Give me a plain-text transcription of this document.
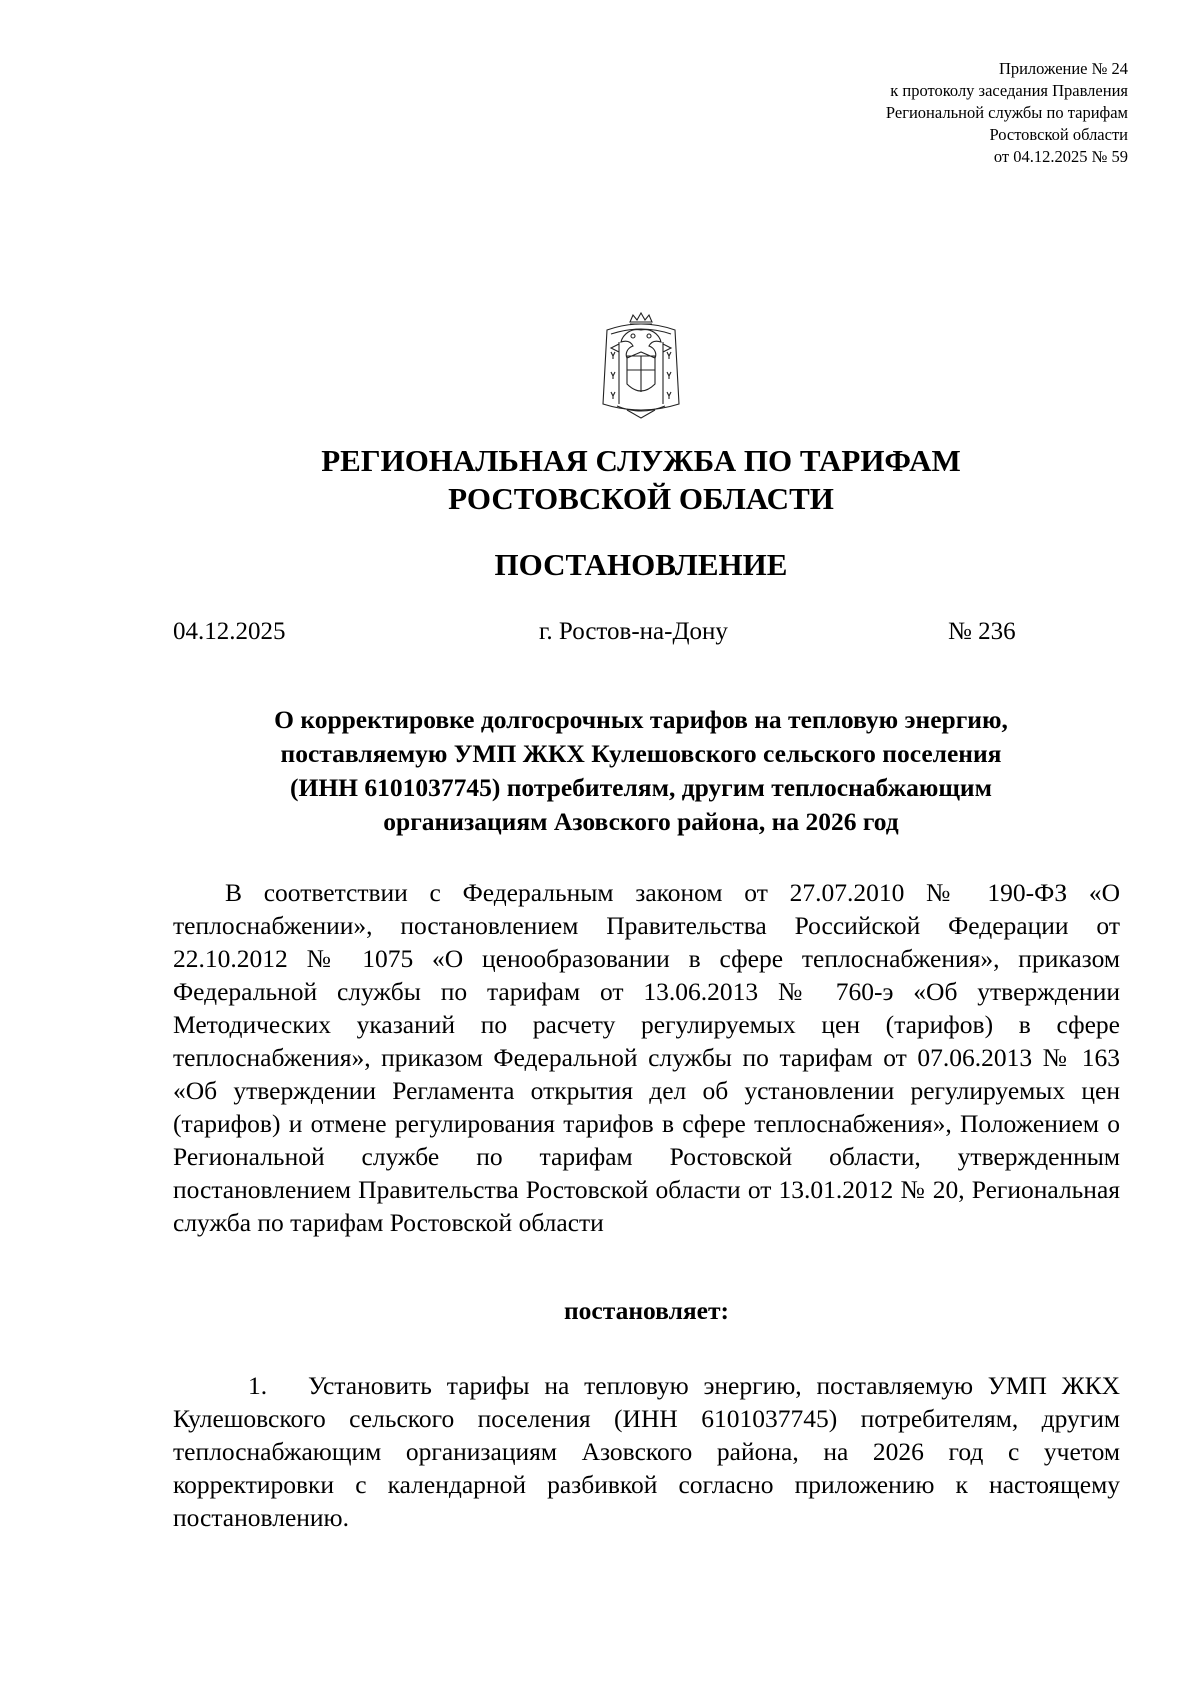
Приложение № 24
к протоколу заседания Правления
Региональной службы по тарифам
Ростовской области
от 04.12.2025 № 59
РЕГИОНАЛЬНАЯ СЛУЖБА ПО ТАРИФАМ
РОСТОВСКОЙ ОБЛАСТИ
ПОСТАНОВЛЕНИЕ
04.12.2025	г. Ростов-на-Дону	№ 236
О корректировке долгосрочных тарифов на тепловую энергию,
поставляемую УМП ЖКХ Кулешовского сельского поселения
(ИНН 6101037745) потребителям, другим теплоснабжающим
организациям Азовского района, на 2026 год

В соответствии с Федеральным законом от 27.07.2010 № 190-ФЗ «О теплоснабжении», постановлением Правительства Российской Федерации от 22.10.2012 № 1075 «О ценообразовании в сфере теплоснабжения», приказом Федеральной службы по тарифам от 13.06.2013 № 760-э «Об утверждении Методических указаний по расчету регулируемых цен (тарифов) в сфере теплоснабжения», приказом Федеральной службы по тарифам от 07.06.2013 № 163 «Об утверждении Регламента открытия дел об установлении регулируемых цен (тарифов) и отмене регулирования тарифов в сфере теплоснабжения», Положением о Региональной службе по тарифам Ростовской области, утвержденным постановлением Правительства Ростовской области от 13.01.2012 № 20, Региональная служба по тарифам Ростовской области

постановляет:

1. Установить тарифы на тепловую энергию, поставляемую УМП ЖКХ Кулешовского сельского поселения (ИНН 6101037745) потребителям, другим теплоснабжающим организациям Азовского района, на 2026 год с учетом корректировки с календарной разбивкой согласно приложению к настоящему постановлению.
